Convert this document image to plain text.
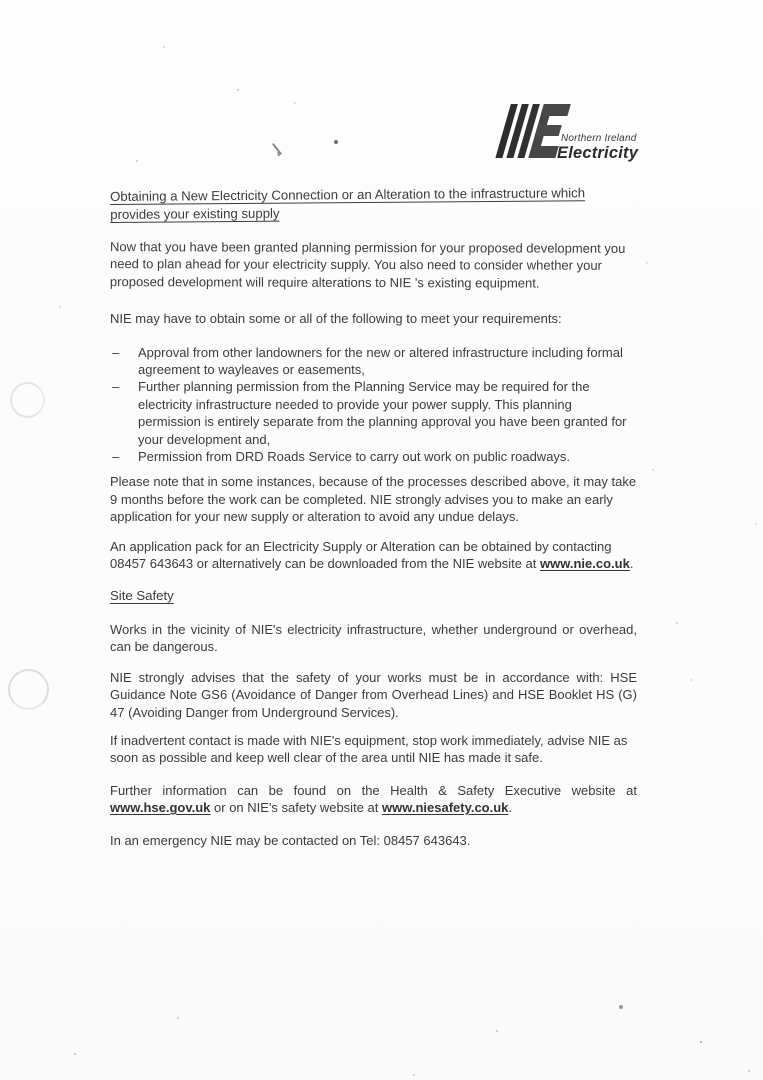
Northern Ireland
Electricity
Obtaining a New Electricity Connection or an Alteration to the infrastructure which provides your existing supply

Now that you have been granted planning permission for your proposed development you need to plan ahead for your electricity supply. You also need to consider whether your proposed development will require alterations to NIE 's existing equipment.

NIE may have to obtain some or all of the following to meet your requirements:

–	Approval from other landowners for the new or altered infrastructure including formal agreement to wayleaves or easements,
–	Further planning permission from the Planning Service may be required for the electricity infrastructure needed to provide your power supply. This planning permission is entirely separate from the planning approval you have been granted for your development and,
–	Permission from DRD Roads Service to carry out work on public roadways.

Please note that in some instances, because of the processes described above, it may take 9 months before the work can be completed. NIE strongly advises you to make an early application for your new supply or alteration to avoid any undue delays.

An application pack for an Electricity Supply or Alteration can be obtained by contacting 08457 643643 or alternatively can be downloaded from the NIE website at www.nie.co.uk.

Site Safety

Works in the vicinity of NIE's electricity infrastructure, whether underground or overhead, can be dangerous.

NIE strongly advises that the safety of your works must be in accordance with: HSE Guidance Note GS6 (Avoidance of Danger from Overhead Lines) and HSE Booklet HS (G) 47 (Avoiding Danger from Underground Services).

If inadvertent contact is made with NIE's equipment, stop work immediately, advise NIE as soon as possible and keep well clear of the area until NIE has made it safe.

Further information can be found on the Health & Safety Executive website at www.hse.gov.uk or on NIE's safety website at www.niesafety.co.uk.

In an emergency NIE may be contacted on Tel: 08457 643643.
